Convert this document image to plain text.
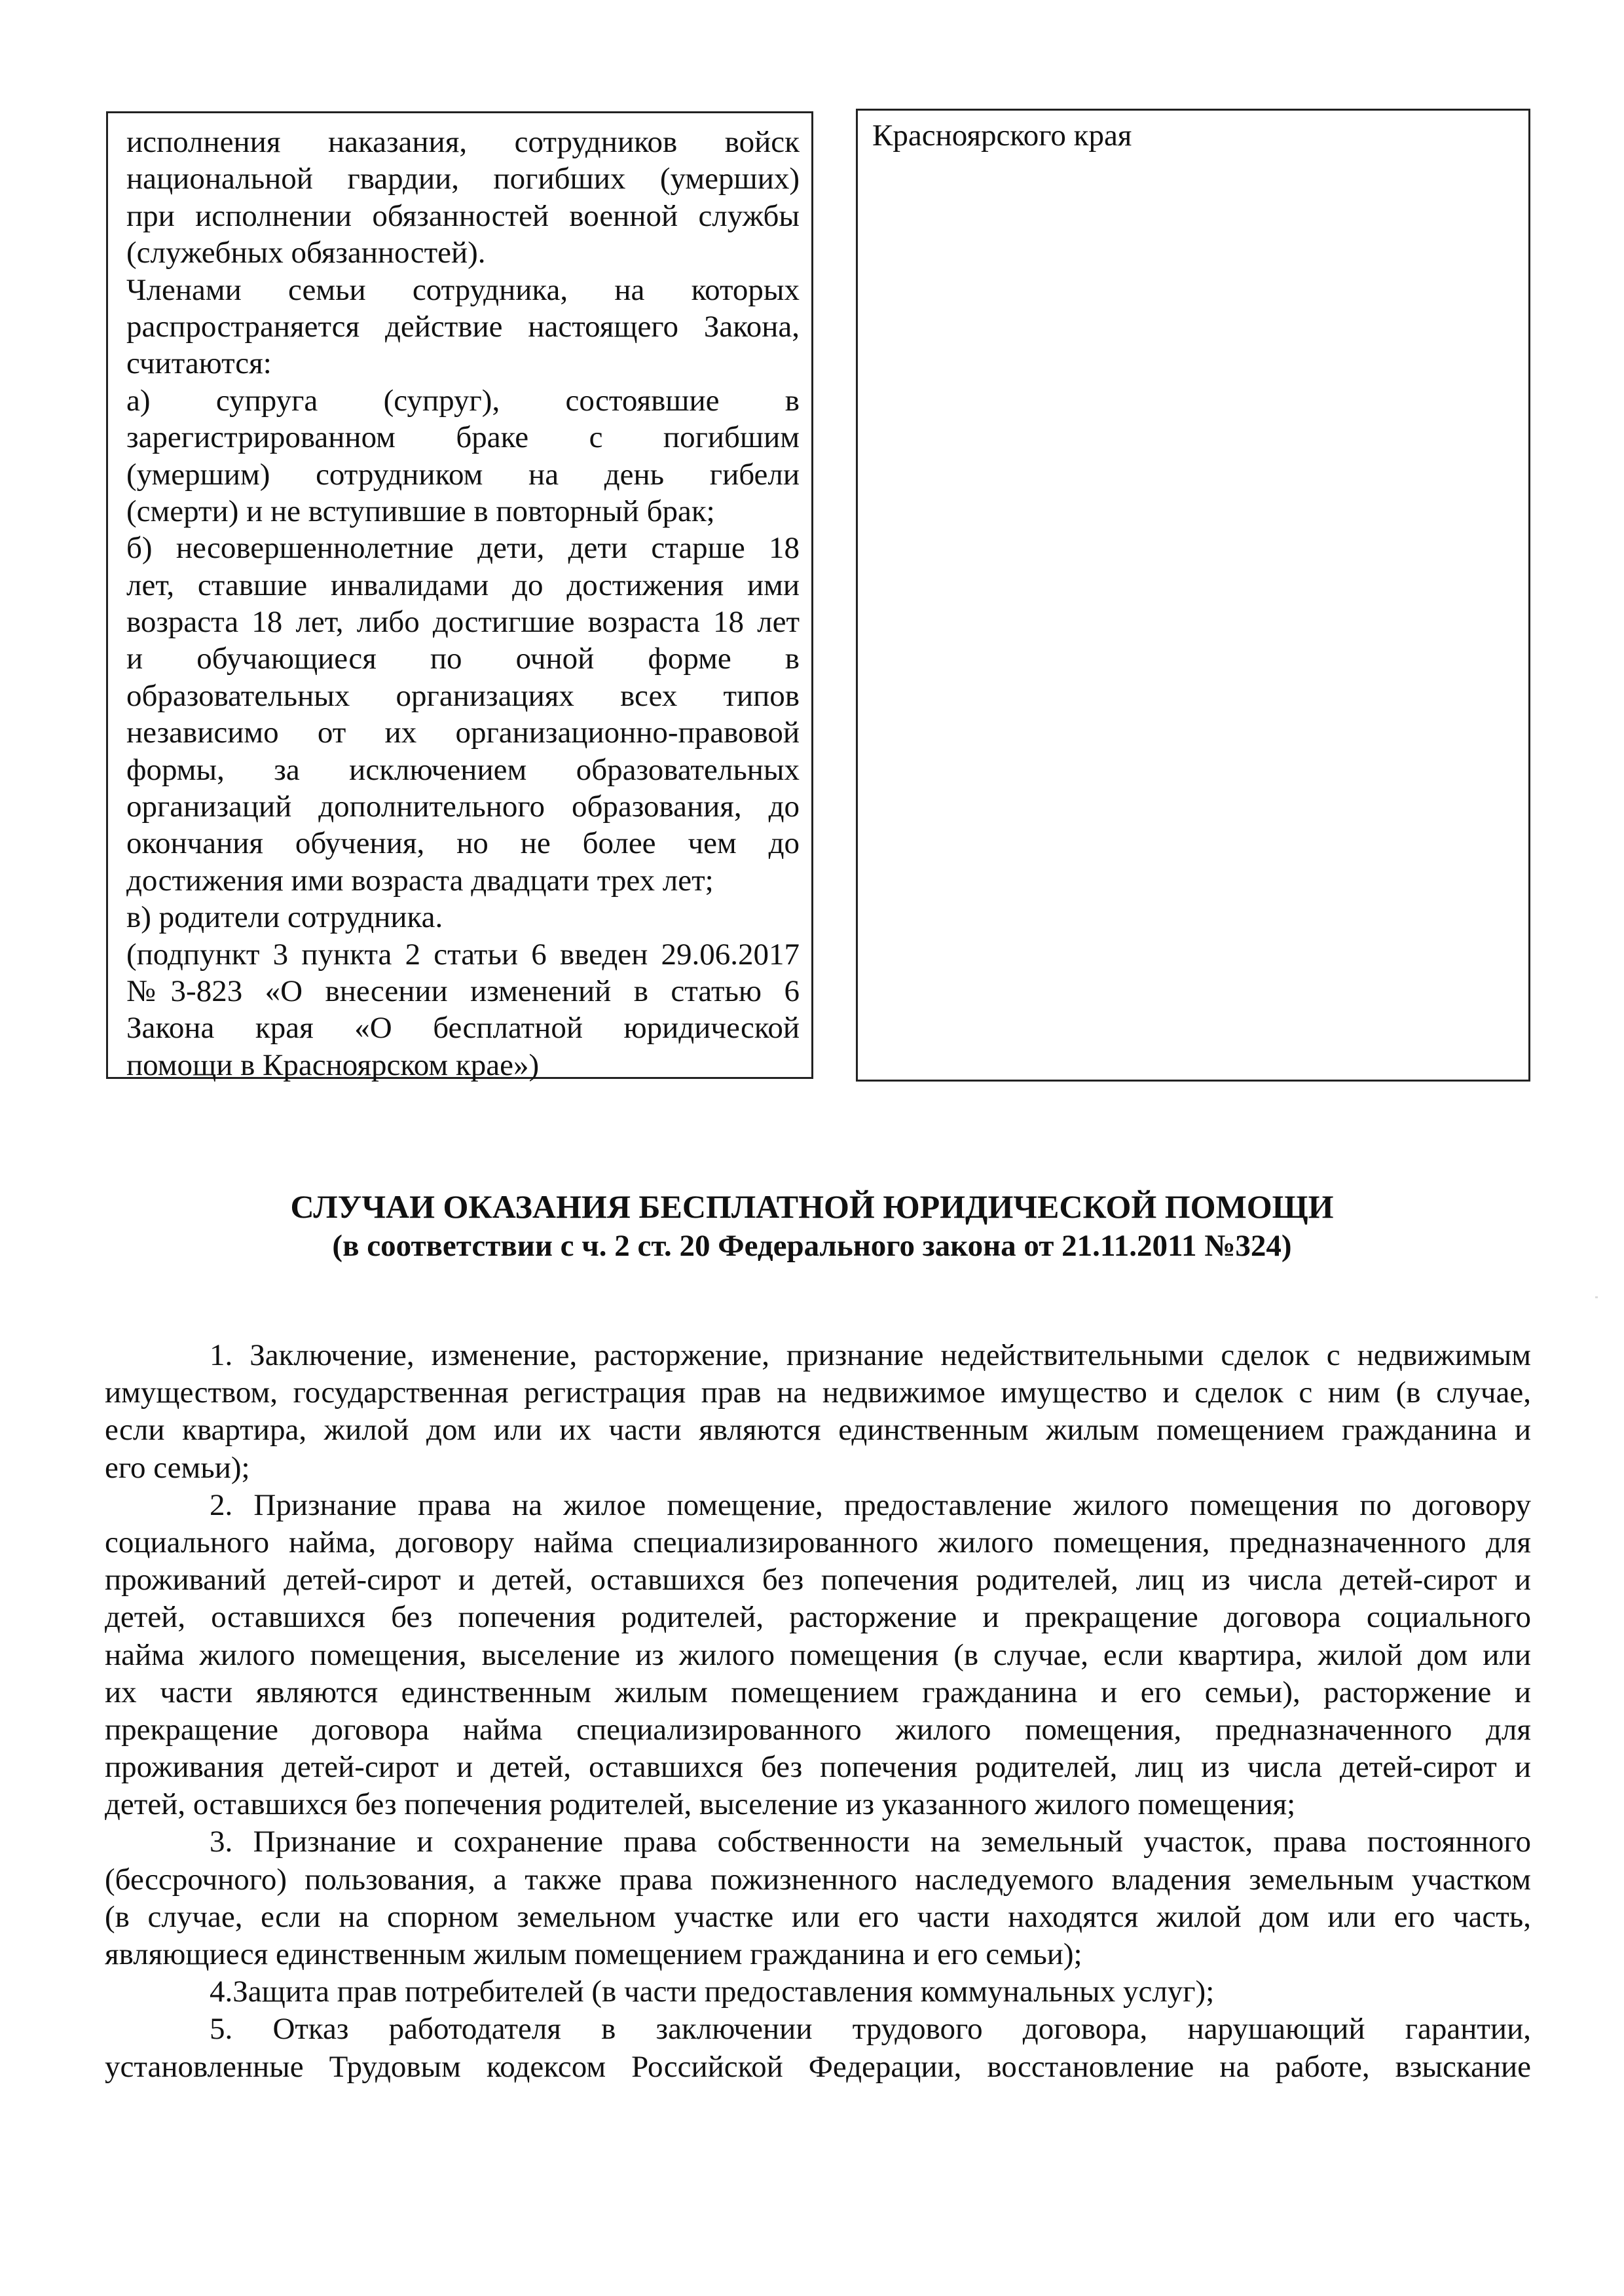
исполнения наказания, сотрудников войск
национальной гвардии, погибших (умерших)
при исполнении обязанностей военной службы
(служебных обязанностей).
Членами семьи сотрудника, на которых
распространяется действие настоящего Закона,
считаются:
а) супруга (супруг), состоявшие в
зарегистрированном браке с погибшим
(умершим) сотрудником на день гибели
(смерти) и не вступившие в повторный брак;
б) несовершеннолетние дети, дети старше 18
лет, ставшие инвалидами до достижения ими
возраста 18 лет, либо достигшие возраста 18 лет
и обучающиеся по очной форме в
образовательных организациях всех типов
независимо от их организационно-правовой
формы, за исключением образовательных
организаций дополнительного образования, до
окончания обучения, но не более чем до
достижения ими возраста двадцати трех лет;
в) родители сотрудника.
(подпункт 3 пункта 2 статьи 6 введен 29.06.2017
№3-823 «О внесении изменений в статью 6
Закона края «О бесплатной юридической
помощи в Красноярском крае»)
Красноярского края
СЛУЧАИ ОКАЗАНИЯ БЕСПЛАТНОЙ ЮРИДИЧЕСКОЙ ПОМОЩИ
(в соответствии с ч. 2 ст. 20 Федерального закона от 21.11.2011 №324)
1. Заключение, изменение, расторжение, признание недействительными сделок с недвижимым
имуществом, государственная регистрация прав на недвижимое имущество и сделок с ним (в случае,
если квартира, жилой дом или их части являются единственным жилым помещением гражданина и
его семьи);
2. Признание права на жилое помещение, предоставление жилого помещения по договору
социального найма, договору найма специализированного жилого помещения, предназначенного для
проживаний детей-сирот и детей, оставшихся без попечения родителей, лиц из числа детей-сирот и
детей, оставшихся без попечения родителей, расторжение и прекращение договора социального
найма жилого помещения, выселение из жилого помещения (в случае, если квартира, жилой дом или
их части являются единственным жилым помещением гражданина и его семьи), расторжение и
прекращение договора найма специализированного жилого помещения, предназначенного для
проживания детей-сирот и детей, оставшихся без попечения родителей, лиц из числа детей-сирот и
детей, оставшихся без попечения родителей, выселение из указанного жилого помещения;
3. Признание и сохранение права собственности на земельный участок, права постоянного
(бессрочного) пользования, а также права пожизненного наследуемого владения земельным участком
(в случае, если на спорном земельном участке или его части находятся жилой дом или его часть,
являющиеся единственным жилым помещением гражданина и его семьи);
4.Защита прав потребителей (в части предоставления коммунальных услуг);
5. Отказ работодателя в заключении трудового договора, нарушающий гарантии,
установленные Трудовым кодексом Российской Федерации, восстановление на работе, взыскание
